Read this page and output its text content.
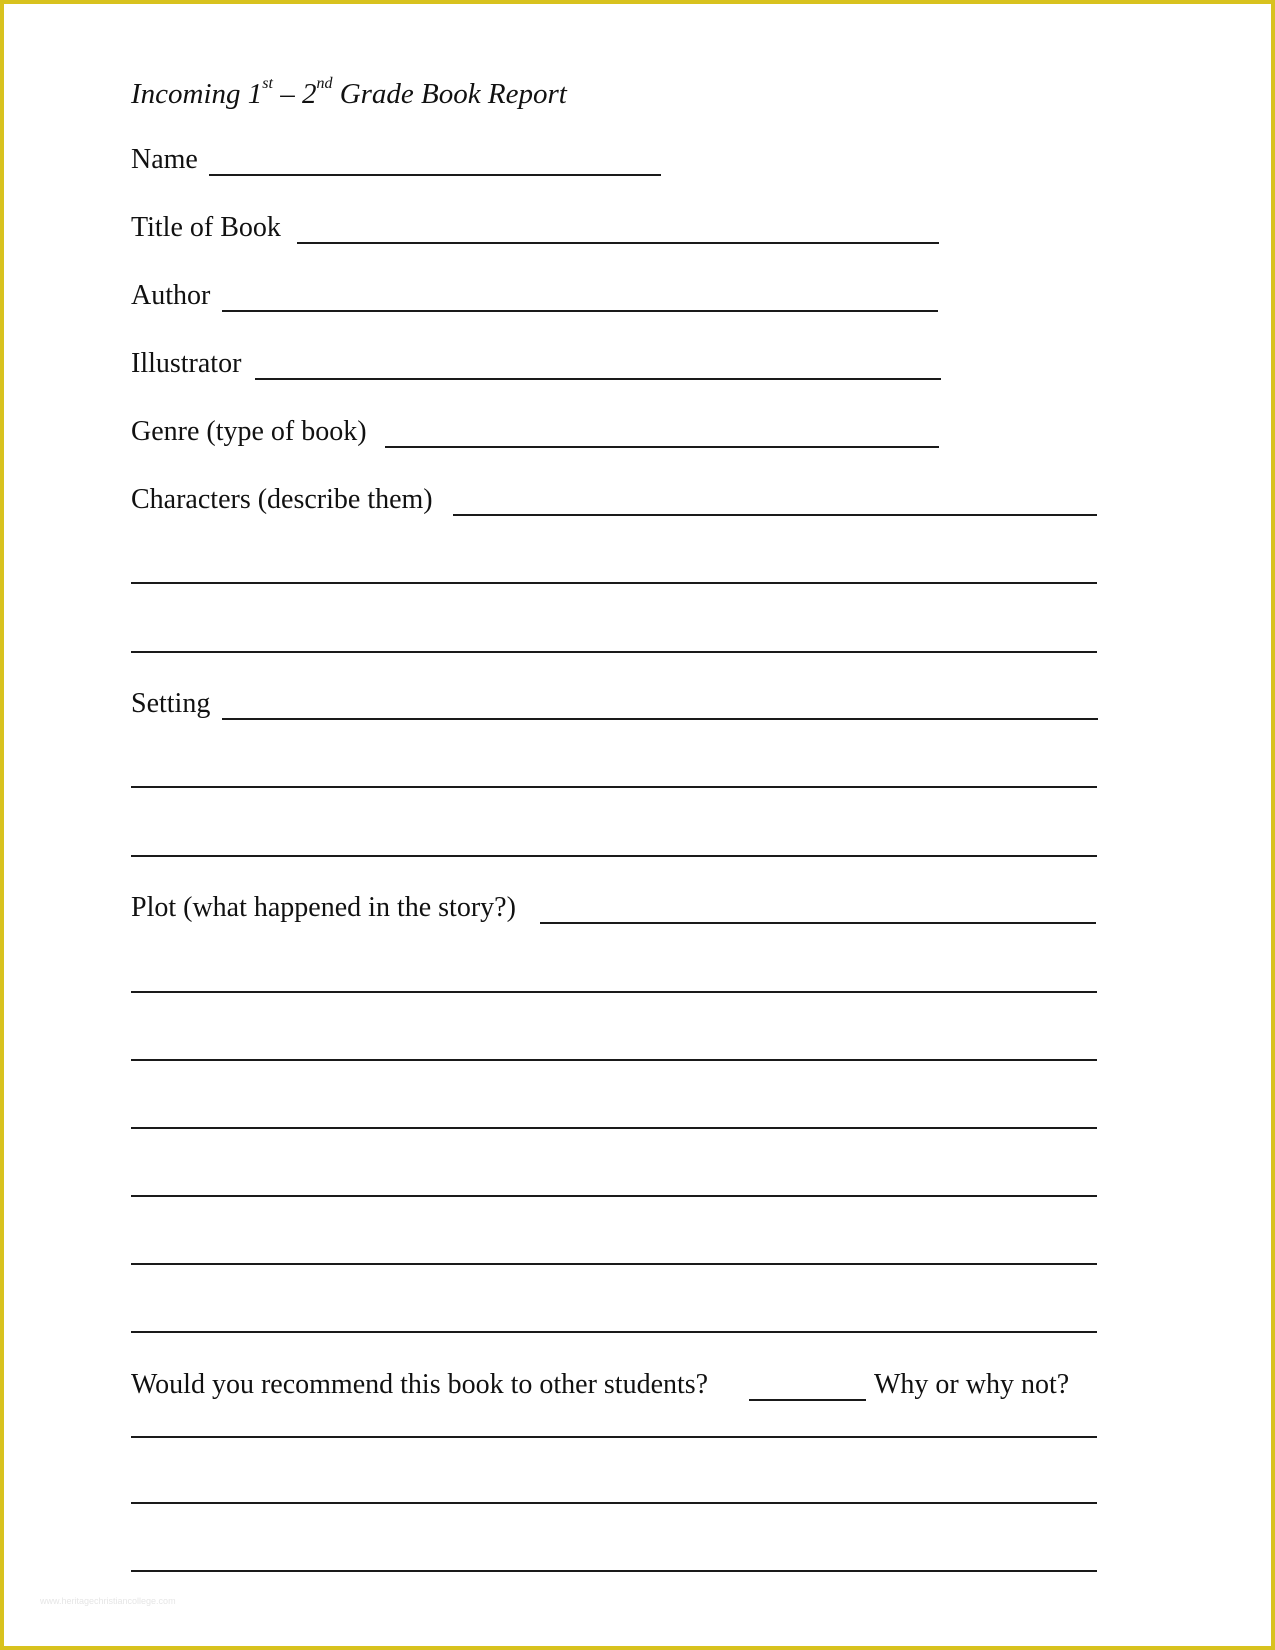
Incoming 1st – 2nd Grade Book Report
Name
Title of Book
Author
Illustrator
Genre (type of book)
Characters (describe them)
Setting
Plot (what happened in the story?)
Would you recommend this book to other students?	Why or why not?
www.heritagechristiancollege.com
